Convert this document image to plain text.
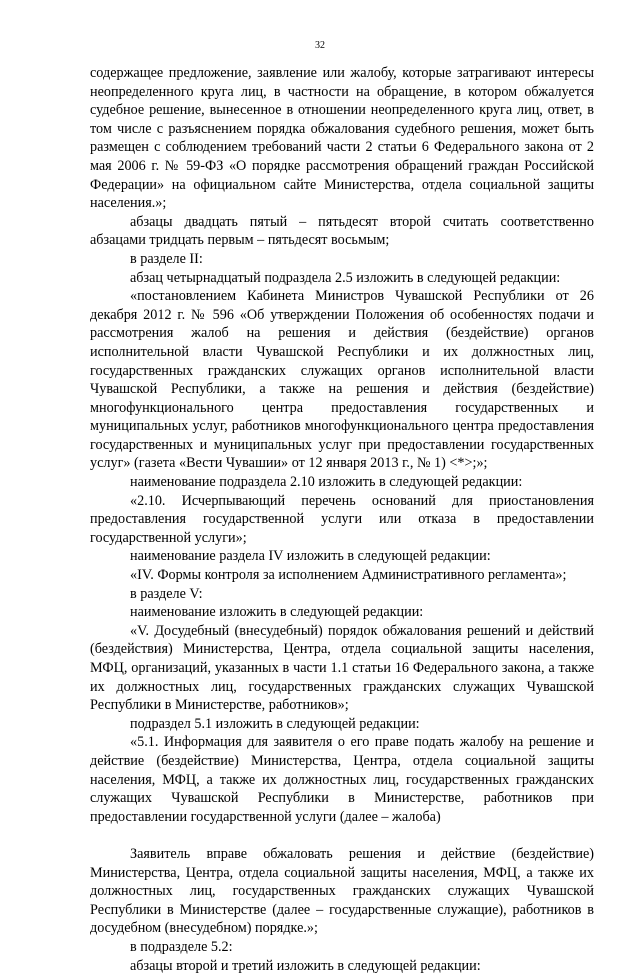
32

содержащее предложение, заявление или жалобу, которые затрагивают интересы неопределенного круга лиц, в частности на обращение, в котором обжалуется судебное решение, вынесенное в отношении неопределенного круга лиц, ответ, в том числе с разъяснением порядка обжалования судебного решения, может быть размещен с соблюдением требований части 2 статьи 6 Федерального закона от 2 мая 2006 г. № 59-ФЗ «О порядке рассмотрения обращений граждан Российской Федерации» на официальном сайте Министерства, отдела социальной защиты населения.»;

абзацы двадцать пятый – пятьдесят второй считать соответственно абзацами тридцать первым – пятьдесят восьмым;

в разделе II:

абзац четырнадцатый подраздела 2.5 изложить в следующей редакции:

«постановлением Кабинета Министров Чувашской Республики от 26 декабря 2012 г. № 596 «Об утверждении Положения об особенностях подачи и рассмотрения жалоб на решения и действия (бездействие) органов исполнительной власти Чувашской Республики и их должностных лиц, государственных гражданских служащих органов исполнительной власти Чувашской Республики, а также на решения и действия (бездействие) многофункционального центра предоставления государственных и муниципальных услуг, работников многофункционального центра предоставления государственных и муниципальных услуг при предоставлении государственных услуг» (газета «Вести Чувашии» от 12 января 2013 г., № 1) <*>;»;

наименование подраздела 2.10 изложить в следующей редакции:

«2.10. Исчерпывающий перечень оснований для приостановления предоставления государственной услуги или отказа в предоставлении государственной услуги»;

наименование раздела IV изложить в следующей редакции:

«IV. Формы контроля за исполнением Административного регламента»;

в разделе V:

наименование изложить в следующей редакции:

«V. Досудебный (внесудебный) порядок обжалования решений и действий (бездействия) Министерства, Центра, отдела социальной защиты населения, МФЦ, организаций, указанных в части 1.1 статьи 16 Федерального закона, а также их должностных лиц, государственных гражданских служащих Чувашской Республики в Министерстве, работников»;

подраздел 5.1 изложить в следующей редакции:

«5.1. Информация для заявителя о его праве подать жалобу на решение и действие (бездействие) Министерства, Центра, отдела социальной защиты населения, МФЦ, а также их должностных лиц, государственных гражданских служащих Чувашской Республики в Министерстве, работников при предоставлении государственной услуги (далее – жалоба)

Заявитель вправе обжаловать решения и действие (бездействие) Министерства, Центра, отдела социальной защиты населения, МФЦ, а также их должностных лиц, государственных гражданских служащих Чувашской Республики в Министерстве (далее – государственные служащие), работников в досудебном (внесудебном) порядке.»;

в подразделе 5.2:

абзацы второй и третий изложить в следующей редакции:
